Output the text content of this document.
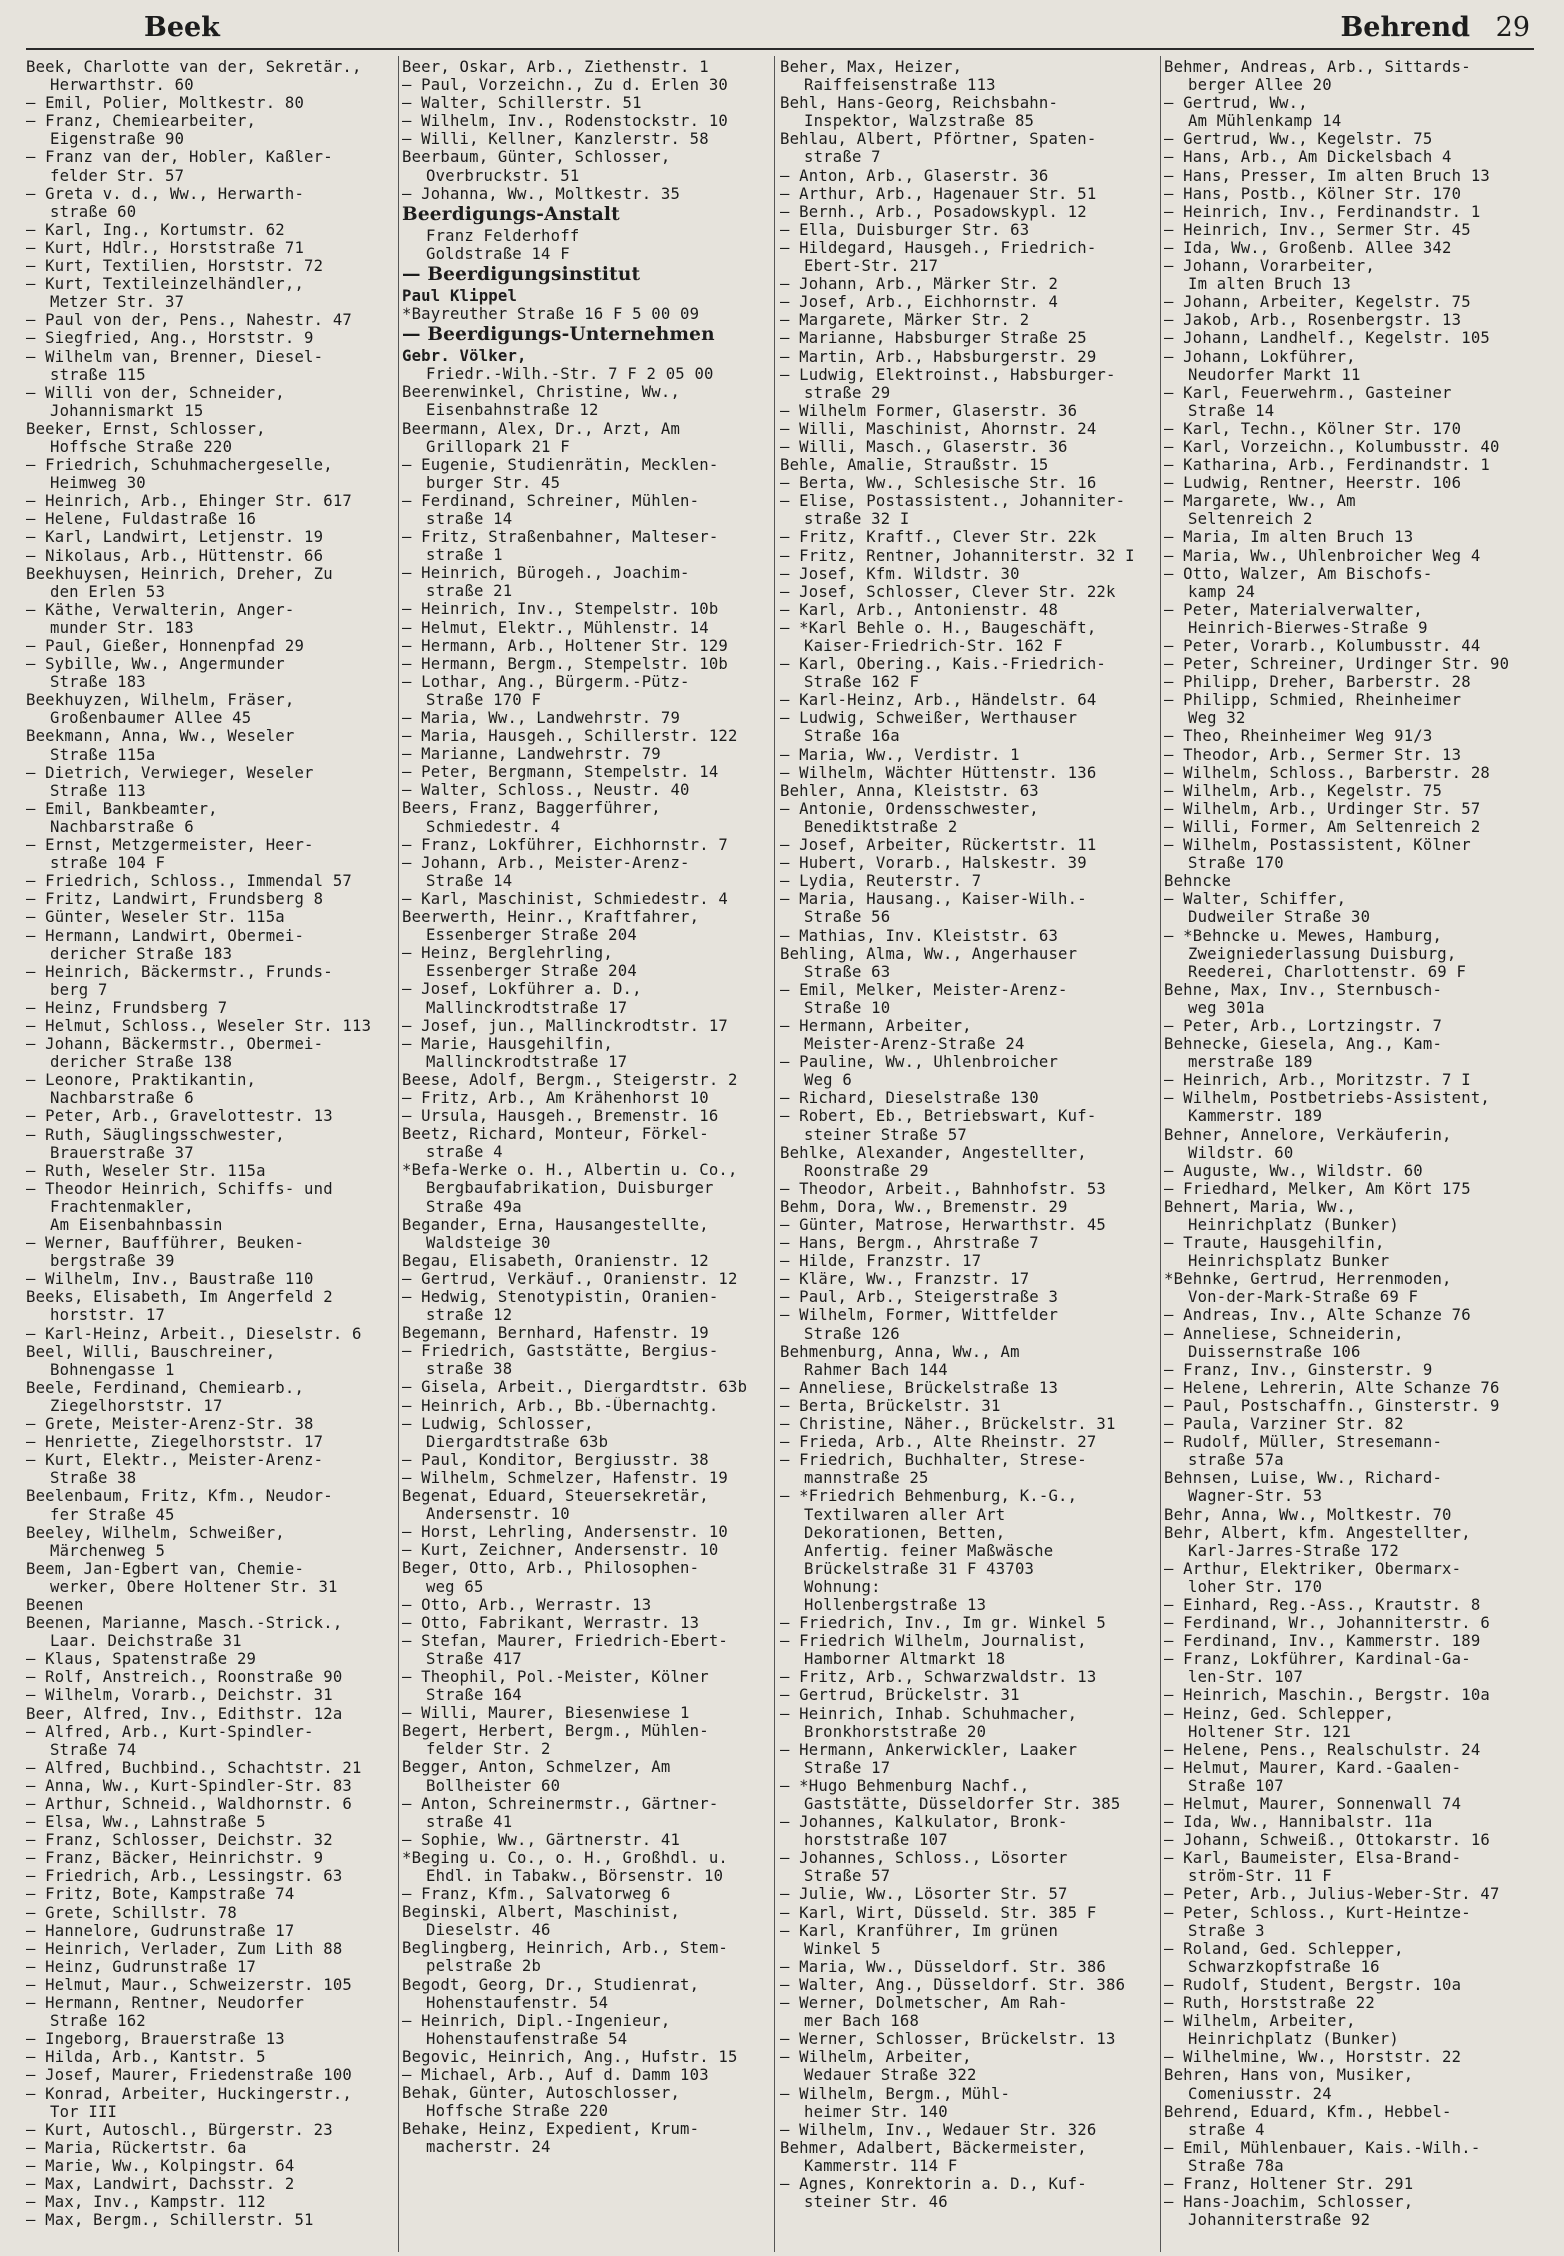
Beek	Behrend 29

Beek, Charlotte van der, Sekretär.,

Herwarthstr. 60

— Emil, Polier, Moltkestr. 80

— Franz, Chemiearbeiter,

Eigenstraße 90

— Franz van der, Hobler, Kaßler-

felder Str. 57

— Greta v. d., Ww., Herwarth-

straße 60

— Karl, Ing., Kortumstr. 62

— Kurt, Hdlr., Horststraße 71

— Kurt, Textilien, Horststr. 72

— Kurt, Textileinzelhändler,,

Metzer Str. 37

— Paul von der, Pens., Nahestr. 47

— Siegfried, Ang., Horststr. 9

— Wilhelm van, Brenner, Diesel-

straße 115

— Willi von der, Schneider,

Johannismarkt 15

Beeker, Ernst, Schlosser,

Hoffsche Straße 220

— Friedrich, Schuhmachergeselle,

Heimweg 30

— Heinrich, Arb., Ehinger Str. 617

— Helene, Fuldastraße 16

— Karl, Landwirt, Letjenstr. 19

— Nikolaus, Arb., Hüttenstr. 66

Beekhuysen, Heinrich, Dreher, Zu

den Erlen 53

— Käthe, Verwalterin, Anger-

munder Str. 183

— Paul, Gießer, Honnenpfad 29

— Sybille, Ww., Angermunder

Straße 183

Beekhuyzen, Wilhelm, Fräser,

Großenbaumer Allee 45

Beekmann, Anna, Ww., Weseler

Straße 115a

— Dietrich, Verwieger, Weseler

Straße 113

— Emil, Bankbeamter,

Nachbarstraße 6

— Ernst, Metzgermeister, Heer-

straße 104 F

— Friedrich, Schloss., Immendal 57

— Fritz, Landwirt, Frundsberg 8

— Günter, Weseler Str. 115a

— Hermann, Landwirt, Obermei-

dericher Straße 183

— Heinrich, Bäckermstr., Frunds-

berg 7

— Heinz, Frundsberg 7

— Helmut, Schloss., Weseler Str. 113

— Johann, Bäckermstr., Obermei-

dericher Straße 138

— Leonore, Praktikantin,

Nachbarstraße 6

— Peter, Arb., Gravelottestr. 13

— Ruth, Säuglingsschwester,

Brauerstraße 37

— Ruth, Weseler Str. 115a

— Theodor Heinrich, Schiffs- und

Frachtenmakler,

Am Eisenbahnbassin

— Werner, Baufführer, Beuken-

bergstraße 39

— Wilhelm, Inv., Baustraße 110

Beeks, Elisabeth, Im Angerfeld 2

horststr. 17

— Karl-Heinz, Arbeit., Dieselstr. 6

Beel, Willi, Bauschreiner,

Bohnengasse 1

Beele, Ferdinand, Chemiearb.,

Ziegelhorststr. 17

— Grete, Meister-Arenz-Str. 38

— Henriette, Ziegelhorststr. 17

— Kurt, Elektr., Meister-Arenz-

Straße 38

Beelenbaum, Fritz, Kfm., Neudor-

fer Straße 45

Beeley, Wilhelm, Schweißer,

Märchenweg 5

Beem, Jan-Egbert van, Chemie-

werker, Obere Holtener Str. 31

Beenen

Beenen, Marianne, Masch.-Strick.,

Laar. Deichstraße 31

— Klaus, Spatenstraße 29

— Rolf, Anstreich., Roonstraße 90

— Wilhelm, Vorarb., Deichstr. 31

Beer, Alfred, Inv., Edithstr. 12a

— Alfred, Arb., Kurt-Spindler-

Straße 74

— Alfred, Buchbind., Schachtstr. 21

— Anna, Ww., Kurt-Spindler-Str. 83

— Arthur, Schneid., Waldhornstr. 6

— Elsa, Ww., Lahnstraße 5

— Franz, Schlosser, Deichstr. 32

— Franz, Bäcker, Heinrichstr. 9

— Friedrich, Arb., Lessingstr. 63

— Fritz, Bote, Kampstraße 74

— Grete, Schillstr. 78

— Hannelore, Gudrunstraße 17

— Heinrich, Verlader, Zum Lith 88

— Heinz, Gudrunstraße 17

— Helmut, Maur., Schweizerstr. 105

— Hermann, Rentner, Neudorfer

Straße 162

— Ingeborg, Brauerstraße 13

— Hilda, Arb., Kantstr. 5

— Josef, Maurer, Friedenstraße 100

— Konrad, Arbeiter, Huckingerstr.,

Tor III

— Kurt, Autoschl., Bürgerstr. 23

— Maria, Rückertstr. 6a

— Marie, Ww., Kolpingstr. 64

— Max, Landwirt, Dachsstr. 2

— Max, Inv., Kampstr. 112

— Max, Bergm., Schillerstr. 51

Beer, Oskar, Arb., Ziethenstr. 1

— Paul, Vorzeichn., Zu d. Erlen 30

— Walter, Schillerstr. 51

— Wilhelm, Inv., Rodenstockstr. 10

— Willi, Kellner, Kanzlerstr. 58

Beerbaum, Günter, Schlosser,

Overbruckstr. 51

— Johanna, Ww., Moltkestr. 35

Beerdigungs-Anstalt

Franz Felderhoff

Goldstraße 14 F

— Beerdigungsinstitut

Paul Klippel

*Bayreuther Straße 16 F 5 00 09

— Beerdigungs-Unternehmen

Gebr. Völker,

Friedr.-Wilh.-Str. 7 F 2 05 00

Beerenwinkel, Christine, Ww.,

Eisenbahnstraße 12

Beermann, Alex, Dr., Arzt, Am

Grillopark 21 F

— Eugenie, Studienrätin, Mecklen-

burger Str. 45

— Ferdinand, Schreiner, Mühlen-

straße 14

— Fritz, Straßenbahner, Malteser-

straße 1

— Heinrich, Bürogeh., Joachim-

straße 21

— Heinrich, Inv., Stempelstr. 10b

— Helmut, Elektr., Mühlenstr. 14

— Hermann, Arb., Holtener Str. 129

— Hermann, Bergm., Stempelstr. 10b

— Lothar, Ang., Bürgerm.-Pütz-

Straße 170 F

— Maria, Ww., Landwehrstr. 79

— Maria, Hausgeh., Schillerstr. 122

— Marianne, Landwehrstr. 79

— Peter, Bergmann, Stempelstr. 14

— Walter, Schloss., Neustr. 40

Beers, Franz, Baggerführer,

Schmiedestr. 4

— Franz, Lokführer, Eichhornstr. 7

— Johann, Arb., Meister-Arenz-

Straße 14

— Karl, Maschinist, Schmiedestr. 4

Beerwerth, Heinr., Kraftfahrer,

Essenberger Straße 204

— Heinz, Berglehrling,

Essenberger Straße 204

— Josef, Lokführer a. D.,

Mallinckrodtstraße 17

— Josef, jun., Mallinckrodtstr. 17

— Marie, Hausgehilfin,

Mallinckrodtstraße 17

Beese, Adolf, Bergm., Steigerstr. 2

— Fritz, Arb., Am Krähenhorst 10

— Ursula, Hausgeh., Bremenstr. 16

Beetz, Richard, Monteur, Förkel-

straße 4

*Befa-Werke o. H., Albertin u. Co.,

Bergbaufabrikation, Duisburger

Straße 49a

Begander, Erna, Hausangestellte,

Waldsteige 30

Begau, Elisabeth, Oranienstr. 12

— Gertrud, Verkäuf., Oranienstr. 12

— Hedwig, Stenotypistin, Oranien-

straße 12

Begemann, Bernhard, Hafenstr. 19

— Friedrich, Gaststätte, Bergius-

straße 38

— Gisela, Arbeit., Diergardtstr. 63b

— Heinrich, Arb., Bb.-Übernachtg.

— Ludwig, Schlosser,

Diergardtstraße 63b

— Paul, Konditor, Bergiusstr. 38

— Wilhelm, Schmelzer, Hafenstr. 19

Begenat, Eduard, Steuersekretär,

Andersenstr. 10

— Horst, Lehrling, Andersenstr. 10

— Kurt, Zeichner, Andersenstr. 10

Beger, Otto, Arb., Philosophen-

weg 65

— Otto, Arb., Werrastr. 13

— Otto, Fabrikant, Werrastr. 13

— Stefan, Maurer, Friedrich-Ebert-

Straße 417

— Theophil, Pol.-Meister, Kölner

Straße 164

— Willi, Maurer, Biesenwiese 1

Begert, Herbert, Bergm., Mühlen-

felder Str. 2

Begger, Anton, Schmelzer, Am

Bollheister 60

— Anton, Schreinermstr., Gärtner-

straße 41

— Sophie, Ww., Gärtnerstr. 41

*Beging u. Co., o. H., Großhdl. u.

Ehdl. in Tabakw., Börsenstr. 10

— Franz, Kfm., Salvatorweg 6

Beginski, Albert, Maschinist,

Dieselstr. 46

Beglingberg, Heinrich, Arb., Stem-

pelstraße 2b

Begodt, Georg, Dr., Studienrat,

Hohenstaufenstr. 54

— Heinrich, Dipl.-Ingenieur,

Hohenstaufenstraße 54

Begovic, Heinrich, Ang., Hufstr. 15

— Michael, Arb., Auf d. Damm 103

Behak, Günter, Autoschlosser,

Hoffsche Straße 220

Behake, Heinz, Expedient, Krum-

macherstr. 24

Beher, Max, Heizer,

Raiffeisenstraße 113

Behl, Hans-Georg, Reichsbahn-

Inspektor, Walzstraße 85

Behlau, Albert, Pförtner, Spaten-

straße 7

— Anton, Arb., Glaserstr. 36

— Arthur, Arb., Hagenauer Str. 51

— Bernh., Arb., Posadowskypl. 12

— Ella, Duisburger Str. 63

— Hildegard, Hausgeh., Friedrich-

Ebert-Str. 217

— Johann, Arb., Märker Str. 2

— Josef, Arb., Eichhornstr. 4

— Margarete, Märker Str. 2

— Marianne, Habsburger Straße 25

— Martin, Arb., Habsburgerstr. 29

— Ludwig, Elektroinst., Habsburger-

straße 29

— Wilhelm Former, Glaserstr. 36

— Willi, Maschinist, Ahornstr. 24

— Willi, Masch., Glaserstr. 36

Behle, Amalie, Straußstr. 15

— Berta, Ww., Schlesische Str. 16

— Elise, Postassistent., Johanniter-

straße 32 I

— Fritz, Kraftf., Clever Str. 22k

— Fritz, Rentner, Johanniterstr. 32 I

— Josef, Kfm. Wildstr. 30

— Josef, Schlosser, Clever Str. 22k

— Karl, Arb., Antonienstr. 48

— *Karl Behle o. H., Baugeschäft,

Kaiser-Friedrich-Str. 162 F

— Karl, Obering., Kais.-Friedrich-

Straße 162 F

— Karl-Heinz, Arb., Händelstr. 64

— Ludwig, Schweißer, Werthauser

Straße 16a

— Maria, Ww., Verdistr. 1

— Wilhelm, Wächter Hüttenstr. 136

Behler, Anna, Kleiststr. 63

— Antonie, Ordensschwester,

Benediktstraße 2

— Josef, Arbeiter, Rückertstr. 11

— Hubert, Vorarb., Halskestr. 39

— Lydia, Reuterstr. 7

— Maria, Hausang., Kaiser-Wilh.-

Straße 56

— Mathias, Inv. Kleiststr. 63

Behling, Alma, Ww., Angerhauser

Straße 63

— Emil, Melker, Meister-Arenz-

Straße 10

— Hermann, Arbeiter,

Meister-Arenz-Straße 24

— Pauline, Ww., Uhlenbroicher

Weg 6

— Richard, Dieselstraße 130

— Robert, Eb., Betriebswart, Kuf-

steiner Straße 57

Behlke, Alexander, Angestellter,

Roonstraße 29

— Theodor, Arbeit., Bahnhofstr. 53

Behm, Dora, Ww., Bremenstr. 29

— Günter, Matrose, Herwarthstr. 45

— Hans, Bergm., Ahrstraße 7

— Hilde, Franzstr. 17

— Kläre, Ww., Franzstr. 17

— Paul, Arb., Steigerstraße 3

— Wilhelm, Former, Wittfelder

Straße 126

Behmenburg, Anna, Ww., Am

Rahmer Bach 144

— Anneliese, Brückelstraße 13

— Berta, Brückelstr. 31

— Christine, Näher., Brückelstr. 31

— Frieda, Arb., Alte Rheinstr. 27

— Friedrich, Buchhalter, Strese-

mannstraße 25

— *Friedrich Behmenburg, K.-G.,

Textilwaren aller Art

Dekorationen, Betten,

Anfertig. feiner Maßwäsche

Brückelstraße 31 F 43703

Wohnung:

Hollenbergstraße 13

— Friedrich, Inv., Im gr. Winkel 5

— Friedrich Wilhelm, Journalist,

Hamborner Altmarkt 18

— Fritz, Arb., Schwarzwaldstr. 13

— Gertrud, Brückelstr. 31

— Heinrich, Inhab. Schuhmacher,

Bronkhorststraße 20

— Hermann, Ankerwickler, Laaker

Straße 17

— *Hugo Behmenburg Nachf.,

Gaststätte, Düsseldorfer Str. 385

— Johannes, Kalkulator, Bronk-

horststraße 107

— Johannes, Schloss., Lösorter

Straße 57

— Julie, Ww., Lösorter Str. 57

— Karl, Wirt, Düsseld. Str. 385 F

— Karl, Kranführer, Im grünen

Winkel 5

— Maria, Ww., Düsseldorf. Str. 386

— Walter, Ang., Düsseldorf. Str. 386

— Werner, Dolmetscher, Am Rah-

mer Bach 168

— Werner, Schlosser, Brückelstr. 13

— Wilhelm, Arbeiter,

Wedauer Straße 322

— Wilhelm, Bergm., Mühl-

heimer Str. 140

— Wilhelm, Inv., Wedauer Str. 326

Behmer, Adalbert, Bäckermeister,

Kammerstr. 114 F

— Agnes, Konrektorin a. D., Kuf-

steiner Str. 46

Behmer, Andreas, Arb., Sittards-

berger Allee 20

— Gertrud, Ww.,

Am Mühlenkamp 14

— Gertrud, Ww., Kegelstr. 75

— Hans, Arb., Am Dickelsbach 4

— Hans, Presser, Im alten Bruch 13

— Hans, Postb., Kölner Str. 170

— Heinrich, Inv., Ferdinandstr. 1

— Heinrich, Inv., Sermer Str. 45

— Ida, Ww., Großenb. Allee 342

— Johann, Vorarbeiter,

Im alten Bruch 13

— Johann, Arbeiter, Kegelstr. 75

— Jakob, Arb., Rosenbergstr. 13

— Johann, Landhelf., Kegelstr. 105

— Johann, Lokführer,

Neudorfer Markt 11

— Karl, Feuerwehrm., Gasteiner

Straße 14

— Karl, Techn., Kölner Str. 170

— Karl, Vorzeichn., Kolumbusstr. 40

— Katharina, Arb., Ferdinandstr. 1

— Ludwig, Rentner, Heerstr. 106

— Margarete, Ww., Am

Seltenreich 2

— Maria, Im alten Bruch 13

— Maria, Ww., Uhlenbroicher Weg 4

— Otto, Walzer, Am Bischofs-

kamp 24

— Peter, Materialverwalter,

Heinrich-Bierwes-Straße 9

— Peter, Vorarb., Kolumbusstr. 44

— Peter, Schreiner, Urdinger Str. 90

— Philipp, Dreher, Barberstr. 28

— Philipp, Schmied, Rheinheimer

Weg 32

— Theo, Rheinheimer Weg 91/3

— Theodor, Arb., Sermer Str. 13

— Wilhelm, Schloss., Barberstr. 28

— Wilhelm, Arb., Kegelstr. 75

— Wilhelm, Arb., Urdinger Str. 57

— Willi, Former, Am Seltenreich 2

— Wilhelm, Postassistent, Kölner

Straße 170

Behncke

— Walter, Schiffer,

Dudweiler Straße 30

— *Behncke u. Mewes, Hamburg,

Zweigniederlassung Duisburg,

Reederei, Charlottenstr. 69 F

Behne, Max, Inv., Sternbusch-

weg 301a

— Peter, Arb., Lortzingstr. 7

Behnecke, Giesela, Ang., Kam-

merstraße 189

— Heinrich, Arb., Moritzstr. 7 I

— Wilhelm, Postbetriebs-Assistent,

Kammerstr. 189

Behner, Annelore, Verkäuferin,

Wildstr. 60

— Auguste, Ww., Wildstr. 60

— Friedhard, Melker, Am Kört 175

Behnert, Maria, Ww.,

Heinrichplatz (Bunker)

— Traute, Hausgehilfin,

Heinrichsplatz Bunker

*Behnke, Gertrud, Herrenmoden,

Von-der-Mark-Straße 69 F

— Andreas, Inv., Alte Schanze 76

— Anneliese, Schneiderin,

Duissernstraße 106

— Franz, Inv., Ginsterstr. 9

— Helene, Lehrerin, Alte Schanze 76

— Paul, Postschaffn., Ginsterstr. 9

— Paula, Varziner Str. 82

— Rudolf, Müller, Stresemann-

straße 57a

Behnsen, Luise, Ww., Richard-

Wagner-Str. 53

Behr, Anna, Ww., Moltkestr. 70

Behr, Albert, kfm. Angestellter,

Karl-Jarres-Straße 172

— Arthur, Elektriker, Obermarx-

loher Str. 170

— Einhard, Reg.-Ass., Krautstr. 8

— Ferdinand, Wr., Johanniterstr. 6

— Ferdinand, Inv., Kammerstr. 189

— Franz, Lokführer, Kardinal-Ga-

len-Str. 107

— Heinrich, Maschin., Bergstr. 10a

— Heinz, Ged. Schlepper,

Holtener Str. 121

— Helene, Pens., Realschulstr. 24

— Helmut, Maurer, Kard.-Gaalen-

Straße 107

— Helmut, Maurer, Sonnenwall 74

— Ida, Ww., Hannibalstr. 11a

— Johann, Schweiß., Ottokarstr. 16

— Karl, Baumeister, Elsa-Brand-

ström-Str. 11 F

— Peter, Arb., Julius-Weber-Str. 47

— Peter, Schloss., Kurt-Heintze-

Straße 3

— Roland, Ged. Schlepper,

Schwarzkopfstraße 16

— Rudolf, Student, Bergstr. 10a

— Ruth, Horststraße 22

— Wilhelm, Arbeiter,

Heinrichplatz (Bunker)

— Wilhelmine, Ww., Horststr. 22

Behren, Hans von, Musiker,

Comeniusstr. 24

Behrend, Eduard, Kfm., Hebbel-

straße 4

— Emil, Mühlenbauer, Kais.-Wilh.-

Straße 78a

— Franz, Holtener Str. 291

— Hans-Joachim, Schlosser,

Johanniterstraße 92
